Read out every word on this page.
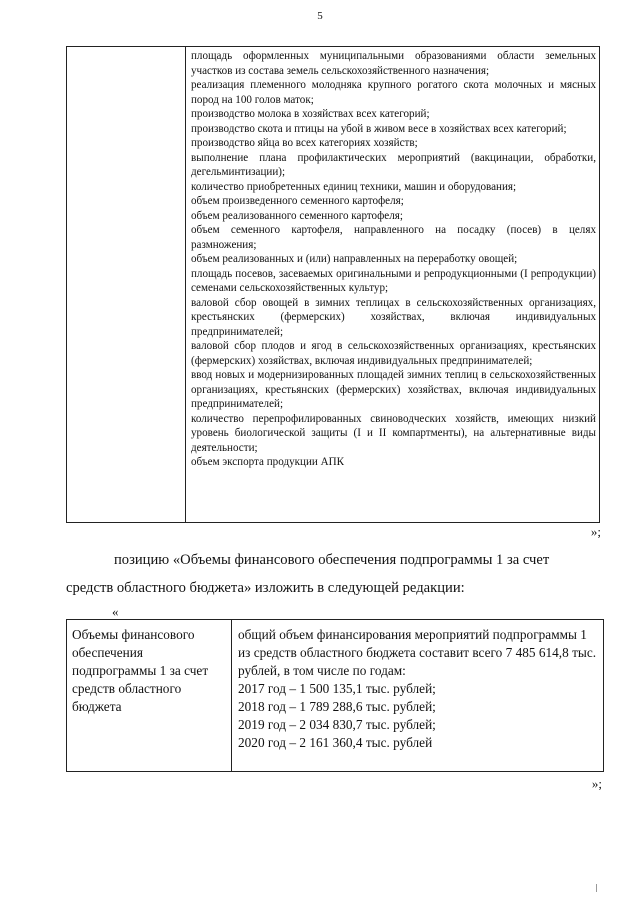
5

площадь оформленных муниципальными образованиями области земельных участков из состава земель сельскохозяйственного назначения;

реализация племенного молодняка крупного рогатого скота молочных и мясных пород на 100 голов маток;

производство молока в хозяйствах всех категорий;

производство скота и птицы на убой в живом весе в хозяйствах всех категорий;

производство яйца во всех категориях хозяйств;

выполнение плана профилактических мероприятий (вакцинации, обработки, дегельминтизации);

количество приобретенных единиц техники, машин и оборудования;

объем произведенного семенного картофеля;

объем реализованного семенного картофеля;

объем семенного картофеля, направленного на посадку (посев) в целях размножения;

объем реализованных и (или) направленных на переработку овощей;

площадь посевов, засеваемых оригинальными и репродукционными (I репродукции) семенами сельскохозяйственных культур;

валовой сбор овощей в зимних теплицах в сельскохозяйственных организациях, крестьянских (фермерских) хозяйствах, включая индивидуальных предпринимателей;

валовой сбор плодов и ягод в сельскохозяйственных организациях, крестьянских (фермерских) хозяйствах, включая индивидуальных предпринимателей;

ввод новых и модернизированных площадей зимних теплиц в сельскохозяйственных организациях, крестьянских (фермерских) хозяйствах, включая индивидуальных предпринимателей;

количество перепрофилированных свиноводческих хозяйств, имеющих низкий уровень биологической защиты (I и II компартменты), на альтернативные виды деятельности;

объем экспорта продукции АПК

»;
позицию «Объемы финансового обеспечения подпрограммы 1 за счет
средств областного бюджета» изложить в следующей редакции:
«
Объемы финансового обеспечения подпрограммы 1 за счет средств областного бюджета	
общий объем финансирования мероприятий подпрограммы 1 из средств областного бюджета составит всего 7 485 614,8 тыс. рублей, в том числе по годам:
2017 год – 1 500 135,1 тыс. рублей;
2018 год – 1 789 288,6 тыс. рублей;
2019 год – 2 034 830,7 тыс. рублей;
2020 год – 2 161 360,4 тыс. рублей
»;
